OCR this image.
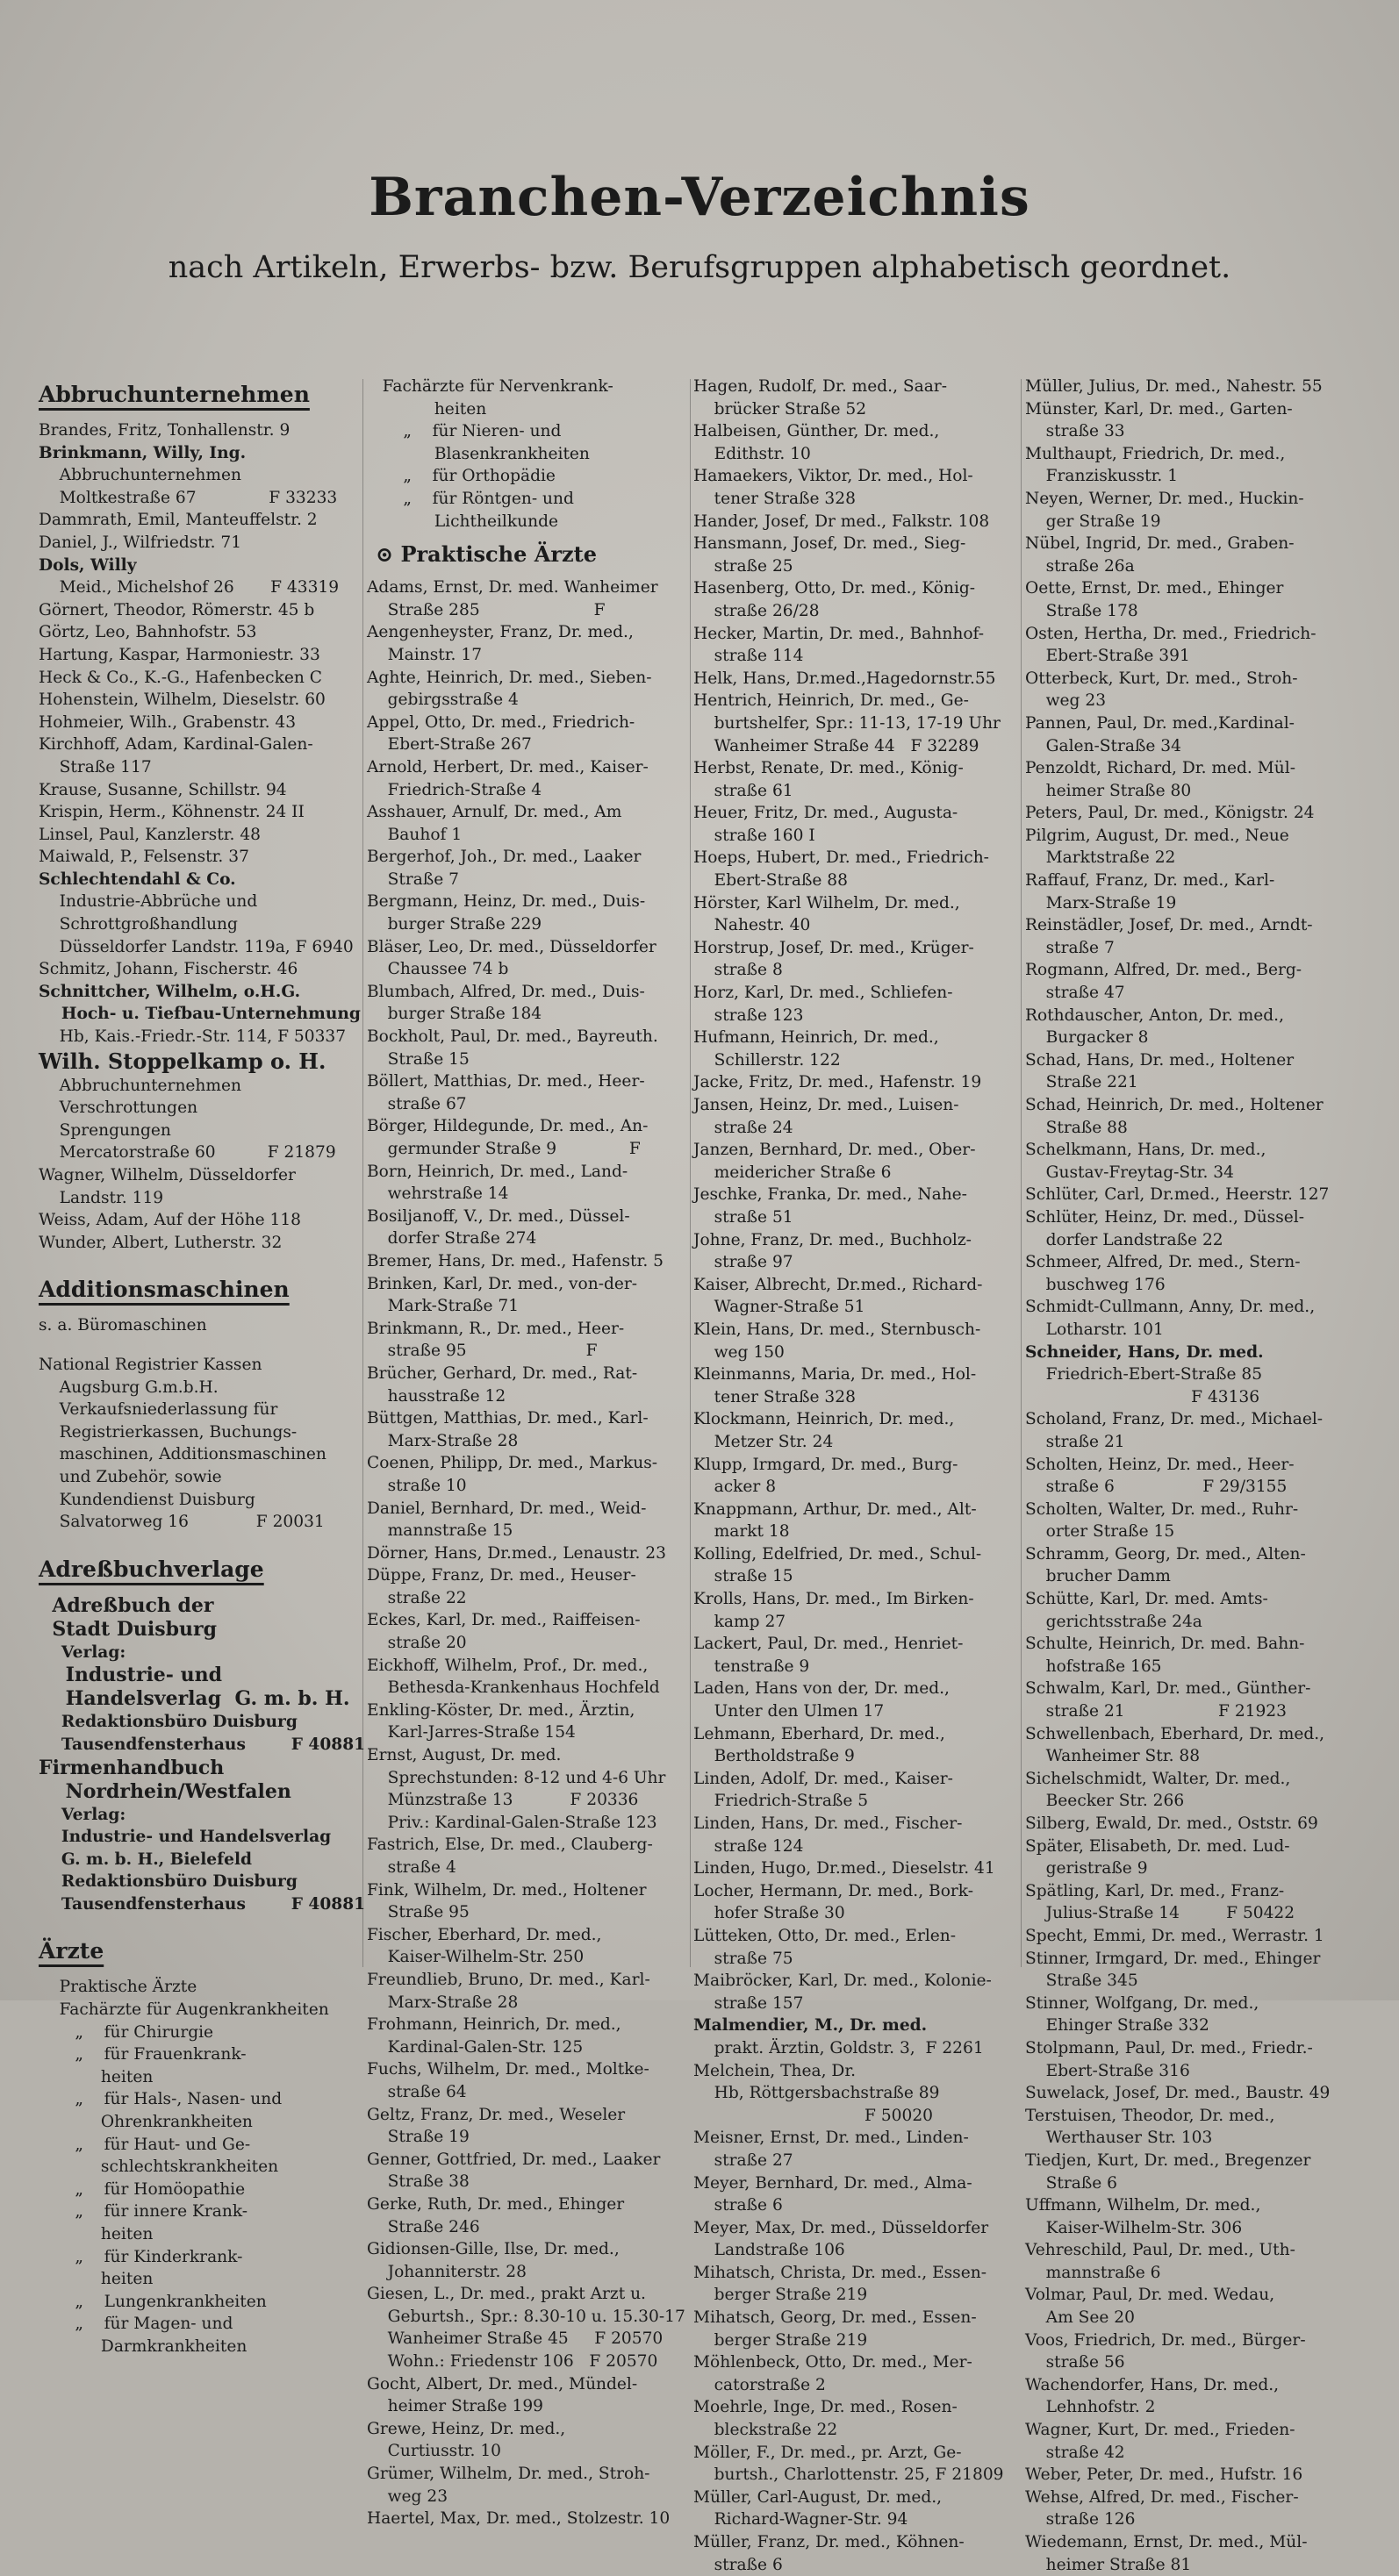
Branchen-Verzeichnis
nach Artikeln, Erwerbs- bzw. Berufsgruppen alphabetisch geordnet.
Abbruchunternehmen
Brandes, Fritz, Tonhallenstr. 9
Brinkmann, Willy, Ing.
Abbruchunternehmen
Moltkestraße 67              F 33233
Dammrath, Emil, Manteuffelstr. 2
Daniel, J., Wilfriedstr. 71
Dols, Willy
Meid., Michelshof 26       F 43319
Görnert, Theodor, Römerstr. 45 b
Görtz, Leo, Bahnhofstr. 53
Hartung, Kaspar, Harmoniestr. 33
Heck & Co., K.-G., Hafenbecken C
Hohenstein, Wilhelm, Dieselstr. 60
Hohmeier, Wilh., Grabenstr. 43
Kirchhoff, Adam, Kardinal-Galen-
Straße 117
Krause, Susanne, Schillstr. 94
Krispin, Herm., Köhnenstr. 24 II
Linsel, Paul, Kanzlerstr. 48
Maiwald, P., Felsenstr. 37
Schlechtendahl & Co.
Industrie-Abbrüche und
Schrottgroßhandlung
Düsseldorfer Landstr. 119a, F 6940
Schmitz, Johann, Fischerstr. 46
Schnittcher, Wilhelm, o.H.G.
Hoch- u. Tiefbau-Unternehmung
Hb, Kais.-Friedr.-Str. 114, F 50337
Wilh. Stoppelkamp o. H.
Abbruchunternehmen
Verschrottungen
Sprengungen
Mercatorstraße 60          F 21879
Wagner, Wilhelm, Düsseldorfer
Landstr. 119
Weiss, Adam, Auf der Höhe 118
Wunder, Albert, Lutherstr. 32
Additionsmaschinen
s. a. Büromaschinen
National Registrier Kassen
Augsburg G.m.b.H.
Verkaufsniederlassung für
Registrierkassen, Buchungs-
maschinen, Additionsmaschinen
und Zubehör, sowie
Kundendienst Duisburg
Salvatorweg 16             F 20031
Adreßbuchverlage
Adreßbuch der
Stadt Duisburg
Verlag:
Industrie- und
Handelsverlag  G. m. b. H.
Redaktionsbüro Duisburg
Tausendfensterhaus        F 40881
Firmenhandbuch
Nordrhein/Westfalen
Verlag:
Industrie- und Handelsverlag
G. m. b. H., Bielefeld
Redaktionsbüro Duisburg
Tausendfensterhaus        F 40881
Ärzte
Praktische Ärzte
Fachärzte für Augenkrankheiten
„    für Chirurgie
„    für Frauenkrank-
heiten
„    für Hals-, Nasen- und
Ohrenkrankheiten
„    für Haut- und Ge-
schlechtskrankheiten
„    für Homöopathie
„    für innere Krank-
heiten
„    für Kinderkrank-
heiten
„    Lungenkrankheiten
„    für Magen- und
Darmkrankheiten
Fachärzte für Nervenkrank-
heiten
„    für Nieren- und
Blasenkrankheiten
„    für Orthopädie
„    für Röntgen- und
Lichtheilkunde
⊙ Praktische Ärzte
Adams, Ernst, Dr. med. Wanheimer
Straße 285                      F
Aengenheyster, Franz, Dr. med.,
Mainstr. 17
Aghte, Heinrich, Dr. med., Sieben-
gebirgsstraße 4
Appel, Otto, Dr. med., Friedrich-
Ebert-Straße 267
Arnold, Herbert, Dr. med., Kaiser-
Friedrich-Straße 4
Asshauer, Arnulf, Dr. med., Am
Bauhof 1
Bergerhof, Joh., Dr. med., Laaker
Straße 7
Bergmann, Heinz, Dr. med., Duis-
burger Straße 229
Bläser, Leo, Dr. med., Düsseldorfer
Chaussee 74 b
Blumbach, Alfred, Dr. med., Duis-
burger Straße 184
Bockholt, Paul, Dr. med., Bayreuth.
Straße 15
Böllert, Matthias, Dr. med., Heer-
straße 67
Börger, Hildegunde, Dr. med., An-
germunder Straße 9              F
Born, Heinrich, Dr. med., Land-
wehrstraße 14
Bosiljanoff, V., Dr. med., Düssel-
dorfer Straße 274
Bremer, Hans, Dr. med., Hafenstr. 5
Brinken, Karl, Dr. med., von-der-
Mark-Straße 71
Brinkmann, R., Dr. med., Heer-
straße 95                       F
Brücher, Gerhard, Dr. med., Rat-
hausstraße 12
Büttgen, Matthias, Dr. med., Karl-
Marx-Straße 28
Coenen, Philipp, Dr. med., Markus-
straße 10
Daniel, Bernhard, Dr. med., Weid-
mannstraße 15
Dörner, Hans, Dr.med., Lenaustr. 23
Düppe, Franz, Dr. med., Heuser-
straße 22
Eckes, Karl, Dr. med., Raiffeisen-
straße 20
Eickhoff, Wilhelm, Prof., Dr. med.,
Bethesda-Krankenhaus Hochfeld
Enkling-Köster, Dr. med., Ärztin,
Karl-Jarres-Straße 154
Ernst, August, Dr. med.
Sprechstunden: 8-12 und 4-6 Uhr
Münzstraße 13           F 20336
Priv.: Kardinal-Galen-Straße 123
Fastrich, Else, Dr. med., Clauberg-
straße 4
Fink, Wilhelm, Dr. med., Holtener
Straße 95
Fischer, Eberhard, Dr. med.,
Kaiser-Wilhelm-Str. 250
Freundlieb, Bruno, Dr. med., Karl-
Marx-Straße 28
Frohmann, Heinrich, Dr. med.,
Kardinal-Galen-Str. 125
Fuchs, Wilhelm, Dr. med., Moltke-
straße 64
Geltz, Franz, Dr. med., Weseler
Straße 19
Genner, Gottfried, Dr. med., Laaker
Straße 38
Gerke, Ruth, Dr. med., Ehinger
Straße 246
Gidionsen-Gille, Ilse, Dr. med.,
Johanniterstr. 28
Giesen, L., Dr. med., prakt Arzt u.
Geburtsh., Spr.: 8.30-10 u. 15.30-17
Wanheimer Straße 45     F 20570
Wohn.: Friedenstr 106   F 20570
Gocht, Albert, Dr. med., Mündel-
heimer Straße 199
Grewe, Heinz, Dr. med.,
Curtiusstr. 10
Grümer, Wilhelm, Dr. med., Stroh-
weg 23
Haertel, Max, Dr. med., Stolzestr. 10
Hagen, Rudolf, Dr. med., Saar-
brücker Straße 52
Halbeisen, Günther, Dr. med.,
Edithstr. 10
Hamaekers, Viktor, Dr. med., Hol-
tener Straße 328
Hander, Josef, Dr med., Falkstr. 108
Hansmann, Josef, Dr. med., Sieg-
straße 25
Hasenberg, Otto, Dr. med., König-
straße 26/28
Hecker, Martin, Dr. med., Bahnhof-
straße 114
Helk, Hans, Dr.med.,Hagedornstr.55
Hentrich, Heinrich, Dr. med., Ge-
burtshelfer, Spr.: 11-13, 17-19 Uhr
Wanheimer Straße 44   F 32289
Herbst, Renate, Dr. med., König-
straße 61
Heuer, Fritz, Dr. med., Augusta-
straße 160 I
Hoeps, Hubert, Dr. med., Friedrich-
Ebert-Straße 88
Hörster, Karl Wilhelm, Dr. med.,
Nahestr. 40
Horstrup, Josef, Dr. med., Krüger-
straße 8
Horz, Karl, Dr. med., Schliefen-
straße 123
Hufmann, Heinrich, Dr. med.,
Schillerstr. 122
Jacke, Fritz, Dr. med., Hafenstr. 19
Jansen, Heinz, Dr. med., Luisen-
straße 24
Janzen, Bernhard, Dr. med., Ober-
meidericher Straße 6
Jeschke, Franka, Dr. med., Nahe-
straße 51
Johne, Franz, Dr. med., Buchholz-
straße 97
Kaiser, Albrecht, Dr.med., Richard-
Wagner-Straße 51
Klein, Hans, Dr. med., Sternbusch-
weg 150
Kleinmanns, Maria, Dr. med., Hol-
tener Straße 328
Klockmann, Heinrich, Dr. med.,
Metzer Str. 24
Klupp, Irmgard, Dr. med., Burg-
acker 8
Knappmann, Arthur, Dr. med., Alt-
markt 18
Kolling, Edelfried, Dr. med., Schul-
straße 15
Krolls, Hans, Dr. med., Im Birken-
kamp 27
Lackert, Paul, Dr. med., Henriet-
tenstraße 9
Laden, Hans von der, Dr. med.,
Unter den Ulmen 17
Lehmann, Eberhard, Dr. med.,
Bertholdstraße 9
Linden, Adolf, Dr. med., Kaiser-
Friedrich-Straße 5
Linden, Hans, Dr. med., Fischer-
straße 124
Linden, Hugo, Dr.med., Dieselstr. 41
Locher, Hermann, Dr. med., Bork-
hofer Straße 30
Lütteken, Otto, Dr. med., Erlen-
straße 75
Maibröcker, Karl, Dr. med., Kolonie-
straße 157
Malmendier, M., Dr. med.
prakt. Ärztin, Goldstr. 3,  F 2261
Melchein, Thea, Dr.
Hb, Röttgersbachstraße 89
F 50020
Meisner, Ernst, Dr. med., Linden-
straße 27
Meyer, Bernhard, Dr. med., Alma-
straße 6
Meyer, Max, Dr. med., Düsseldorfer
Landstraße 106
Mihatsch, Christa, Dr. med., Essen-
berger Straße 219
Mihatsch, Georg, Dr. med., Essen-
berger Straße 219
Möhlenbeck, Otto, Dr. med., Mer-
catorstraße 2
Moehrle, Inge, Dr. med., Rosen-
bleckstraße 22
Möller, F., Dr. med., pr. Arzt, Ge-
burtsh., Charlottenstr. 25, F 21809
Müller, Carl-August, Dr. med.,
Richard-Wagner-Str. 94
Müller, Franz, Dr. med., Köhnen-
straße 6
Müller, Julius, Dr. med., Nahestr. 55
Münster, Karl, Dr. med., Garten-
straße 33
Multhaupt, Friedrich, Dr. med.,
Franziskusstr. 1
Neyen, Werner, Dr. med., Huckin-
ger Straße 19
Nübel, Ingrid, Dr. med., Graben-
straße 26a
Oette, Ernst, Dr. med., Ehinger
Straße 178
Osten, Hertha, Dr. med., Friedrich-
Ebert-Straße 391
Otterbeck, Kurt, Dr. med., Stroh-
weg 23
Pannen, Paul, Dr. med.,Kardinal-
Galen-Straße 34
Penzoldt, Richard, Dr. med. Mül-
heimer Straße 80
Peters, Paul, Dr. med., Königstr. 24
Pilgrim, August, Dr. med., Neue
Marktstraße 22
Raffauf, Franz, Dr. med., Karl-
Marx-Straße 19
Reinstädler, Josef, Dr. med., Arndt-
straße 7
Rogmann, Alfred, Dr. med., Berg-
straße 47
Rothdauscher, Anton, Dr. med.,
Burgacker 8
Schad, Hans, Dr. med., Holtener
Straße 221
Schad, Heinrich, Dr. med., Holtener
Straße 88
Schelkmann, Hans, Dr. med.,
Gustav-Freytag-Str. 34
Schlüter, Carl, Dr.med., Heerstr. 127
Schlüter, Heinz, Dr. med., Düssel-
dorfer Landstraße 22
Schmeer, Alfred, Dr. med., Stern-
buschweg 176
Schmidt-Cullmann, Anny, Dr. med.,
Lotharstr. 101
Schneider, Hans, Dr. med.
Friedrich-Ebert-Straße 85
F 43136
Scholand, Franz, Dr. med., Michael-
straße 21
Scholten, Heinz, Dr. med., Heer-
straße 6                 F 29/3155
Scholten, Walter, Dr. med., Ruhr-
orter Straße 15
Schramm, Georg, Dr. med., Alten-
brucher Damm
Schütte, Karl, Dr. med. Amts-
gerichtsstraße 24a
Schulte, Heinrich, Dr. med. Bahn-
hofstraße 165
Schwalm, Karl, Dr. med., Günther-
straße 21                  F 21923
Schwellenbach, Eberhard, Dr. med.,
Wanheimer Str. 88
Sichelschmidt, Walter, Dr. med.,
Beecker Str. 266
Silberg, Ewald, Dr. med., Oststr. 69
Später, Elisabeth, Dr. med. Lud-
geristraße 9
Spätling, Karl, Dr. med., Franz-
Julius-Straße 14         F 50422
Specht, Emmi, Dr. med., Werrastr. 1
Stinner, Irmgard, Dr. med., Ehinger
Straße 345
Stinner, Wolfgang, Dr. med.,
Ehinger Straße 332
Stolpmann, Paul, Dr. med., Friedr.-
Ebert-Straße 316
Suwelack, Josef, Dr. med., Baustr. 49
Terstuisen, Theodor, Dr. med.,
Werthauser Str. 103
Tiedjen, Kurt, Dr. med., Bregenzer
Straße 6
Uffmann, Wilhelm, Dr. med.,
Kaiser-Wilhelm-Str. 306
Vehreschild, Paul, Dr. med., Uth-
mannstraße 6
Volmar, Paul, Dr. med. Wedau,
Am See 20
Voos, Friedrich, Dr. med., Bürger-
straße 56
Wachendorfer, Hans, Dr. med.,
Lehnhofstr. 2
Wagner, Kurt, Dr. med., Frieden-
straße 42
Weber, Peter, Dr. med., Hufstr. 16
Wehse, Alfred, Dr. med., Fischer-
straße 126
Wiedemann, Ernst, Dr. med., Mül-
heimer Straße 81
